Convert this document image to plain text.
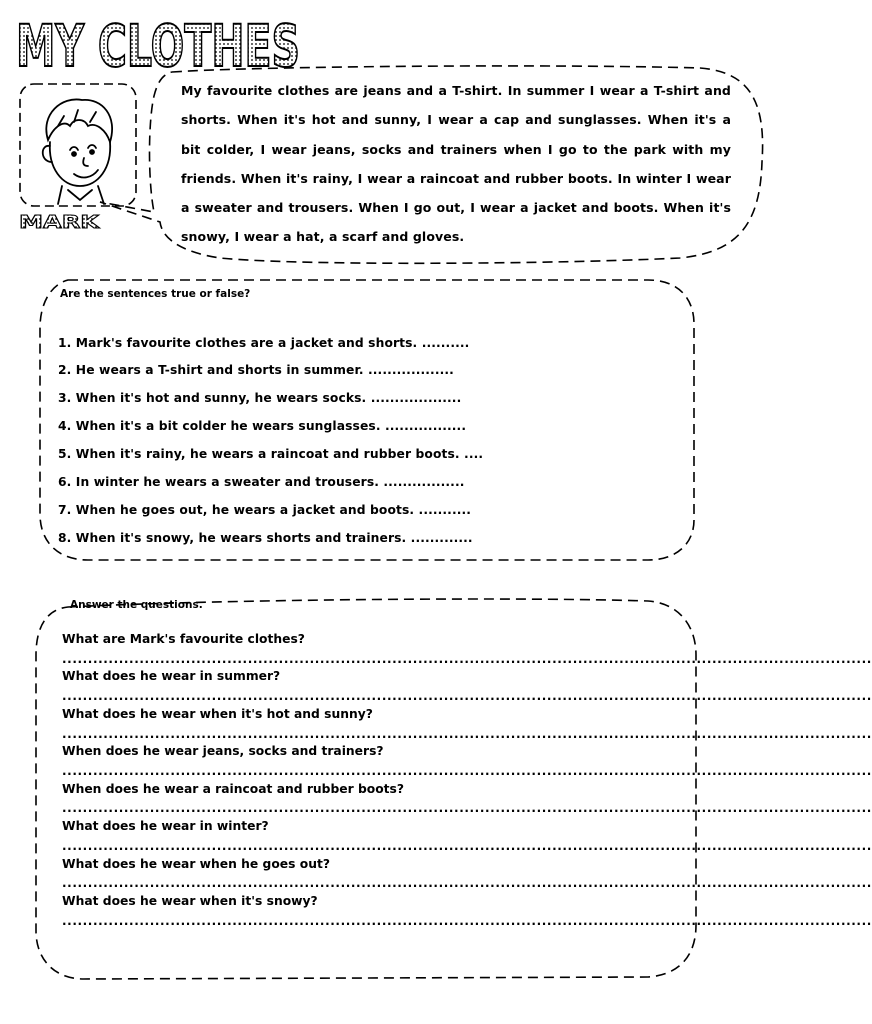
MY CLOTHES
MARK
My favourite clothes are jeans and a T-shirt. In summer I wear a T-shirt and shorts. When it's hot and sunny, I wear a cap and sunglasses. When it's a bit colder, I wear jeans, socks and trainers when I go to the park with my friends. When it's rainy, I wear a raincoat and rubber boots. In winter I wear a sweater and trousers. When I go out, I wear a jacket and boots. When it's snowy, I wear a hat, a scarf and gloves.
Are the sentences true or false?
1. Mark's favourite clothes are a jacket and shorts. ..........
2. He wears a T-shirt and shorts in summer. ..................
3. When it's hot and sunny, he wears socks. ...................
4. When it's a bit colder he wears sunglasses. .................
5. When it's rainy, he wears a raincoat and rubber boots. ....
6. In winter he wears a sweater and trousers. .................
7. When he goes out, he wears a jacket and boots. ...........
8. When it's snowy, he wears shorts and trainers. .............
Answer the questions.
What are Mark's favourite clothes?
.............................................................................................................................................................
What does he wear in summer?
.............................................................................................................................................................
What does he wear when it's hot and sunny?
.............................................................................................................................................................
When does he wear jeans, socks and trainers?
.............................................................................................................................................................
When does he wear a raincoat and rubber boots?
.............................................................................................................................................................
What does he wear in winter?
.............................................................................................................................................................
What does he wear when he goes out?
.............................................................................................................................................................
What does he wear when it's snowy?
.............................................................................................................................................................
